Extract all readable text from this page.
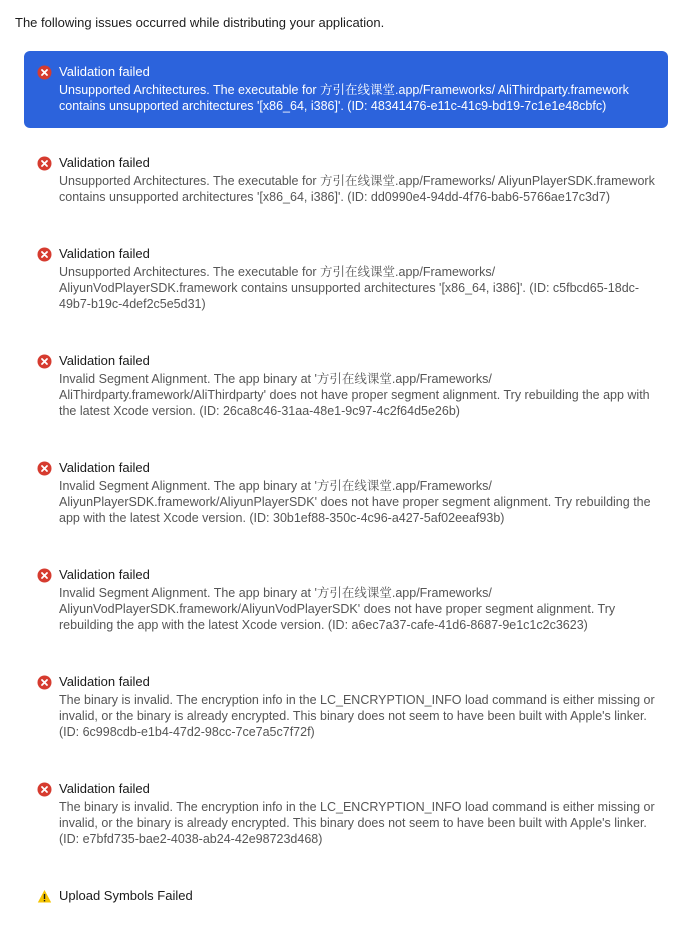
The following issues occurred while distributing your application.
Validation failed
Unsupported Architectures. The executable for 方引在线课堂.app/Frameworks/ AliThirdparty.framework contains unsupported architectures '[x86_64, i386]'. (ID: 48341476-e11c-41c9-bd19-7c1e1e48cbfc)
Validation failed
Unsupported Architectures. The executable for 方引在线课堂.app/Frameworks/ AliyunPlayerSDK.framework contains unsupported architectures '[x86_64, i386]'. (ID: dd0990e4-94dd-4f76-bab6-5766ae17c3d7)
Validation failed
Unsupported Architectures. The executable for 方引在线课堂.app/Frameworks/ AliyunVodPlayerSDK.framework contains unsupported architectures '[x86_64, i386]'. (ID: c5fbcd65-18dc-49b7-b19c-4def2c5e5d31)
Validation failed
Invalid Segment Alignment. The app binary at '方引在线课堂.app/Frameworks/ AliThirdparty.framework/AliThirdparty' does not have proper segment alignment. Try rebuilding the app with the latest Xcode version. (ID: 26ca8c46-31aa-48e1-9c97-4c2f64d5e26b)
Validation failed
Invalid Segment Alignment. The app binary at '方引在线课堂.app/Frameworks/ AliyunPlayerSDK.framework/AliyunPlayerSDK' does not have proper segment alignment. Try rebuilding the app with the latest Xcode version. (ID: 30b1ef88-350c-4c96-a427-5af02eeaf93b)
Validation failed
Invalid Segment Alignment. The app binary at '方引在线课堂.app/Frameworks/ AliyunVodPlayerSDK.framework/AliyunVodPlayerSDK' does not have proper segment alignment. Try rebuilding the app with the latest Xcode version. (ID: a6ec7a37-cafe-41d6-8687-9e1c1c2c3623)
Validation failed
The binary is invalid. The encryption info in the LC_ENCRYPTION_INFO load command is either missing or invalid, or the binary is already encrypted. This binary does not seem to have been built with Apple's linker. (ID: 6c998cdb-e1b4-47d2-98cc-7ce7a5c7f72f)
Validation failed
The binary is invalid. The encryption info in the LC_ENCRYPTION_INFO load command is either missing or invalid, or the binary is already encrypted. This binary does not seem to have been built with Apple's linker. (ID: e7bfd735-bae2-4038-ab24-42e98723d468)
Upload Symbols Failed
